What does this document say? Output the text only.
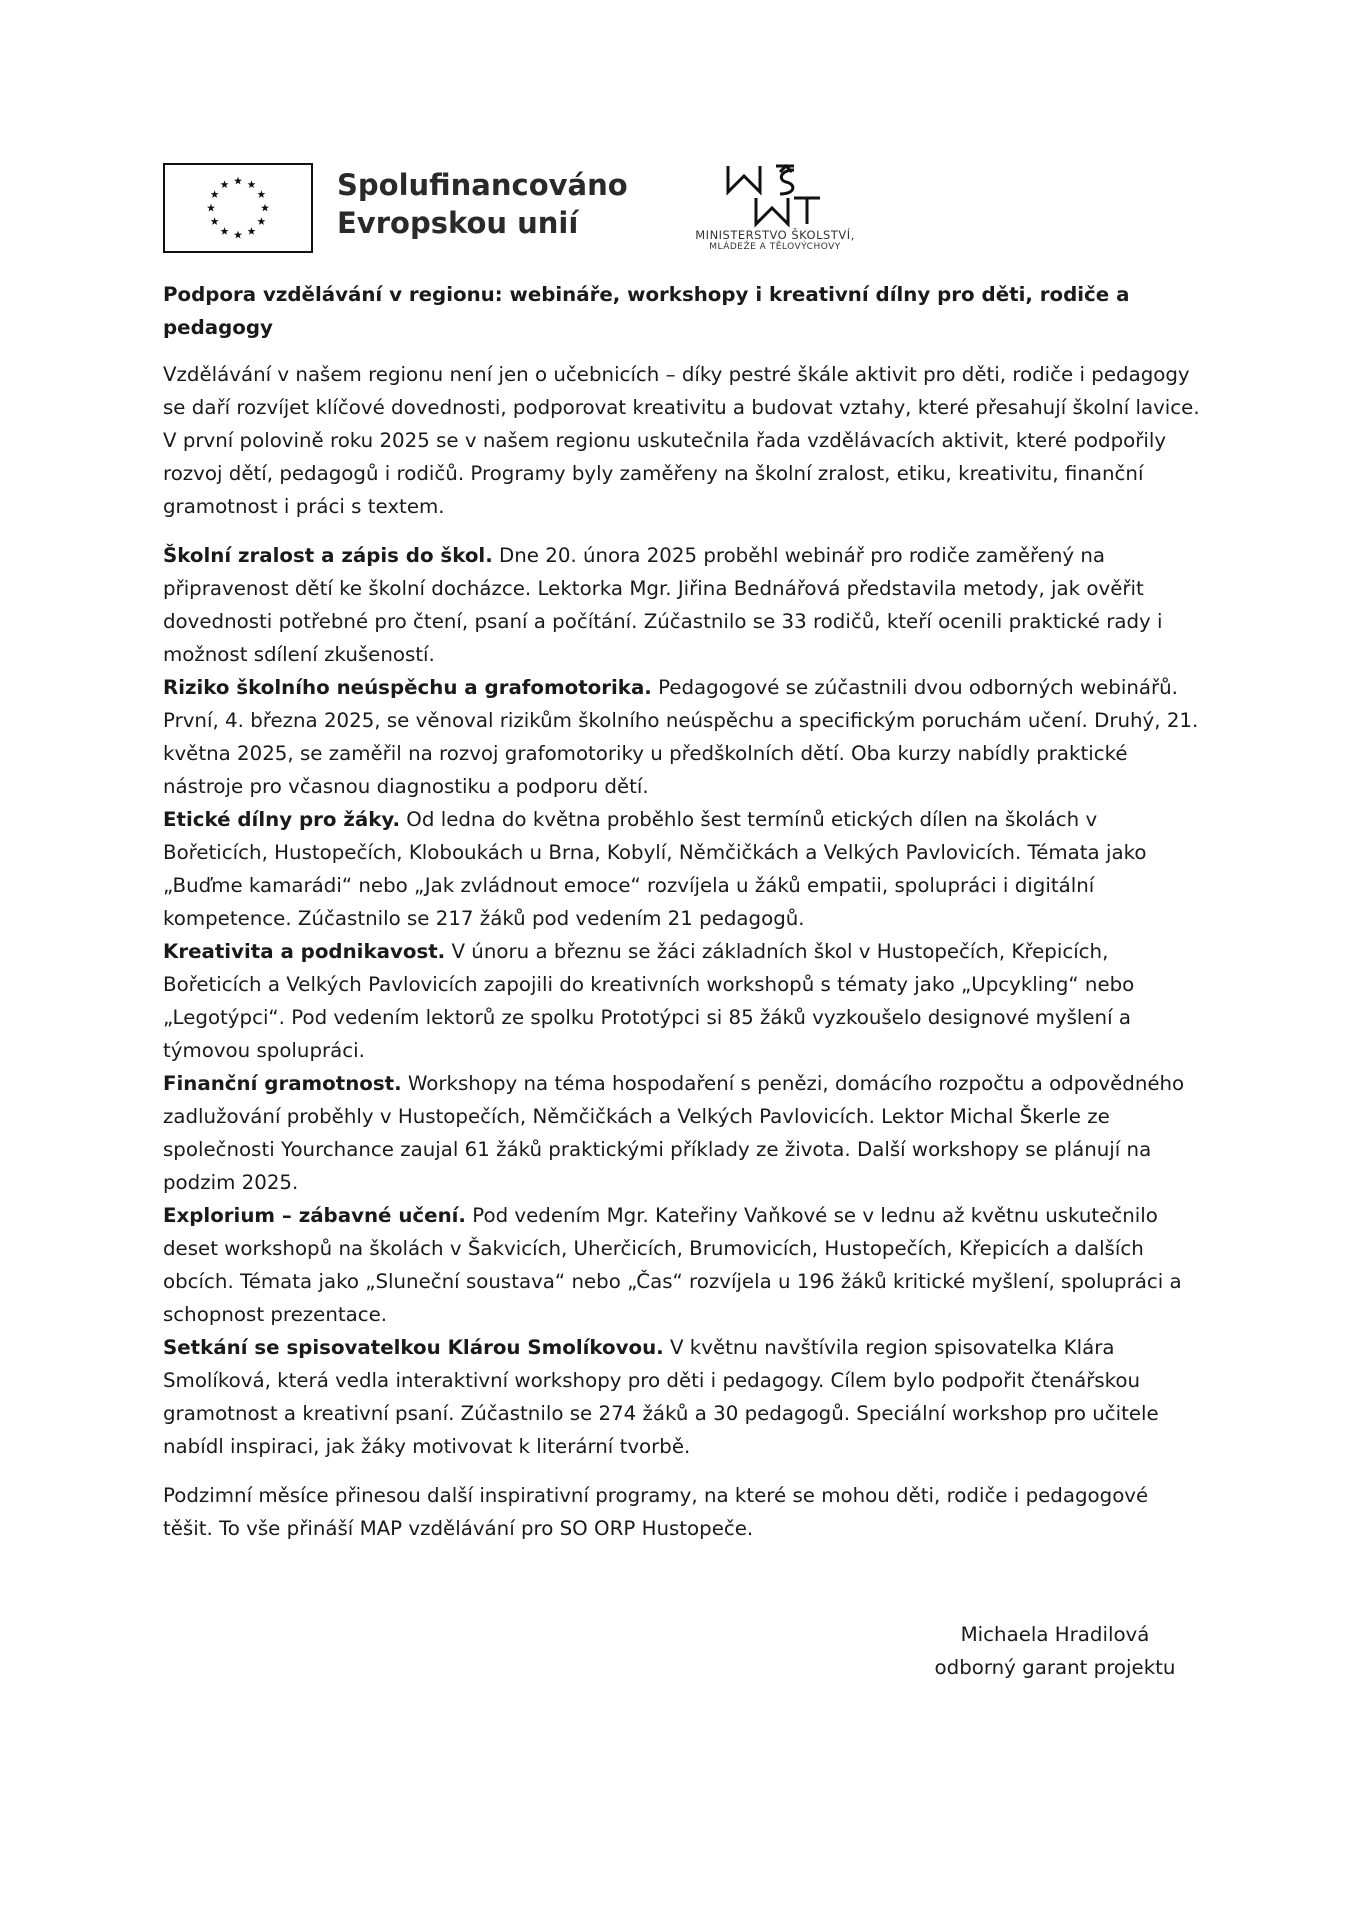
Spolufinancováno
Evropskou unií	MINISTERSTVO ŠKOLSTVÍ,
MLÁDEŽE A TĚLOVÝCHOVY

Podpora vzdělávání v regionu: webináře, workshopy i kreativní dílny pro děti, rodiče a pedagogy

Vzdělávání v našem regionu není jen o učebnicích – díky pestré škále aktivit pro děti, rodiče i pedagogy se daří rozvíjet klíčové dovednosti, podporovat kreativitu a budovat vztahy, které přesahují školní lavice.

V první polovině roku 2025 se v našem regionu uskutečnila řada vzdělávacích aktivit, které podpořily rozvoj dětí, pedagogů i rodičů. Programy byly zaměřeny na školní zralost, etiku, kreativitu, finanční gramotnost i práci s textem.

Školní zralost a zápis do škol. Dne 20. února 2025 proběhl webinář pro rodiče zaměřený na připravenost dětí ke školní docházce. Lektorka Mgr. Jiřina Bednářová představila metody, jak ověřit dovednosti potřebné pro čtení, psaní a počítání. Zúčastnilo se 33 rodičů, kteří ocenili praktické rady i možnost sdílení zkušeností.

Riziko školního neúspěchu a grafomotorika. Pedagogové se zúčastnili dvou odborných webinářů. První, 4. března 2025, se věnoval rizikům školního neúspěchu a specifickým poruchám učení. Druhý, 21. května 2025, se zaměřil na rozvoj grafomotoriky u předškolních dětí. Oba kurzy nabídly praktické nástroje pro včasnou diagnostiku a podporu dětí.

Etické dílny pro žáky. Od ledna do května proběhlo šest termínů etických dílen na školách v Bořeticích, Hustopečích, Kloboukách u Brna, Kobylí, Němčičkách a Velkých Pavlovicích. Témata jako „Buďme kamarádi“ nebo „Jak zvládnout emoce“ rozvíjela u žáků empatii, spolupráci i digitální kompetence. Zúčastnilo se 217 žáků pod vedením 21 pedagogů.

Kreativita a podnikavost. V únoru a březnu se žáci základních škol v Hustopečích, Křepicích, Bořeticích a Velkých Pavlovicích zapojili do kreativních workshopů s tématy jako „Upcykling“ nebo „Legotýpci“. Pod vedením lektorů ze spolku Prototýpci si 85 žáků vyzkoušelo designové myšlení a týmovou spolupráci.

Finanční gramotnost. Workshopy na téma hospodaření s penězi, domácího rozpočtu a odpovědného zadlužování proběhly v Hustopečích, Němčičkách a Velkých Pavlovicích. Lektor Michal Škerle ze společnosti Yourchance zaujal 61 žáků praktickými příklady ze života. Další workshopy se plánují na podzim 2025.

Explorium – zábavné učení. Pod vedením Mgr. Kateřiny Vaňkové se v lednu až květnu uskutečnilo deset workshopů na školách v Šakvicích, Uherčicích, Brumovicích, Hustopečích, Křepicích a dalších obcích. Témata jako „Sluneční soustava“ nebo „Čas“ rozvíjela u 196 žáků kritické myšlení, spolupráci a schopnost prezentace.

Setkání se spisovatelkou Klárou Smolíkovou. V květnu navštívila region spisovatelka Klára Smolíková, která vedla interaktivní workshopy pro děti i pedagogy. Cílem bylo podpořit čtenářskou gramotnost a kreativní psaní. Zúčastnilo se 274 žáků a 30 pedagogů. Speciální workshop pro učitele nabídl inspiraci, jak žáky motivovat k literární tvorbě.

Podzimní měsíce přinesou další inspirativní programy, na které se mohou děti, rodiče i pedagogové těšit. To vše přináší MAP vzdělávání pro SO ORP Hustopeče.

Michaela Hradilová
odborný garant projektu
